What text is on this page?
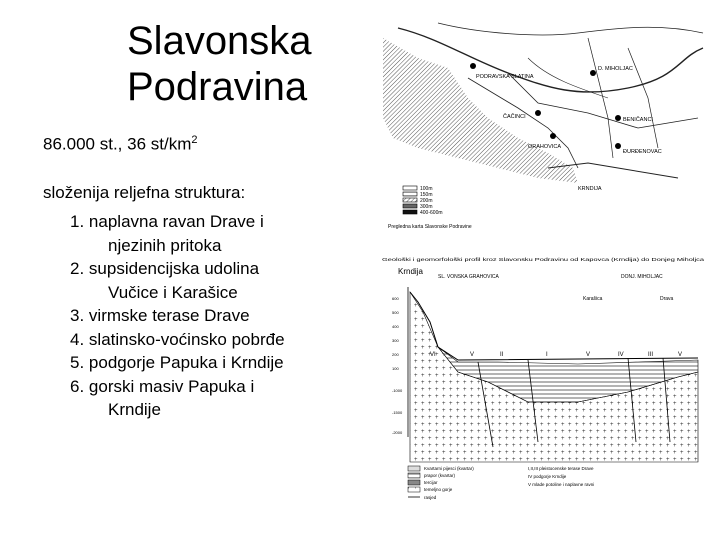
Slavonska
Podravina
86.000 st., 36 $st/km^2$
složenija reljefna struktura:
1. naplavna ravan Drave i
njezinih pritoka
2. supsidencijska udolina
Vučice i Karašice
3. virmske terase Drave
4. slatinsko-voćinsko pobrđe
5. podgorje Papuka i Krndije
6. gorski masiv Papuka i
Krndije
PODRAVSKA SLATINA
D. MIHOLJAC
ČAČINCI	BENIČANCI
ORAHOVICA
ĐURĐENOVAC
KRNDIJA
100m
150m
200m
300m
400-600m
Pregledna karta Slavonske Podravine
Geološki i geomorfološki profil kroz Slavonsku Podravinu od Kapovca (Krndija) do Donjeg Miholjca
Krndija
SL. VONSKA GRAHOVICA	DONJ. MIHOLJAC
Karašica	Drava
600
500
400
300
200
100
-1000
-1500
-2000
VI	V	II	I	V	IV	III	V
Kvartarni pijesci (kvartar)
prapor (kvartar)
tercijar
temeljno gorje
rasjed
I,II,III pleistocenske terase Drave
IV podgorje Krndije
V mlade potoline i naplavne ravni
